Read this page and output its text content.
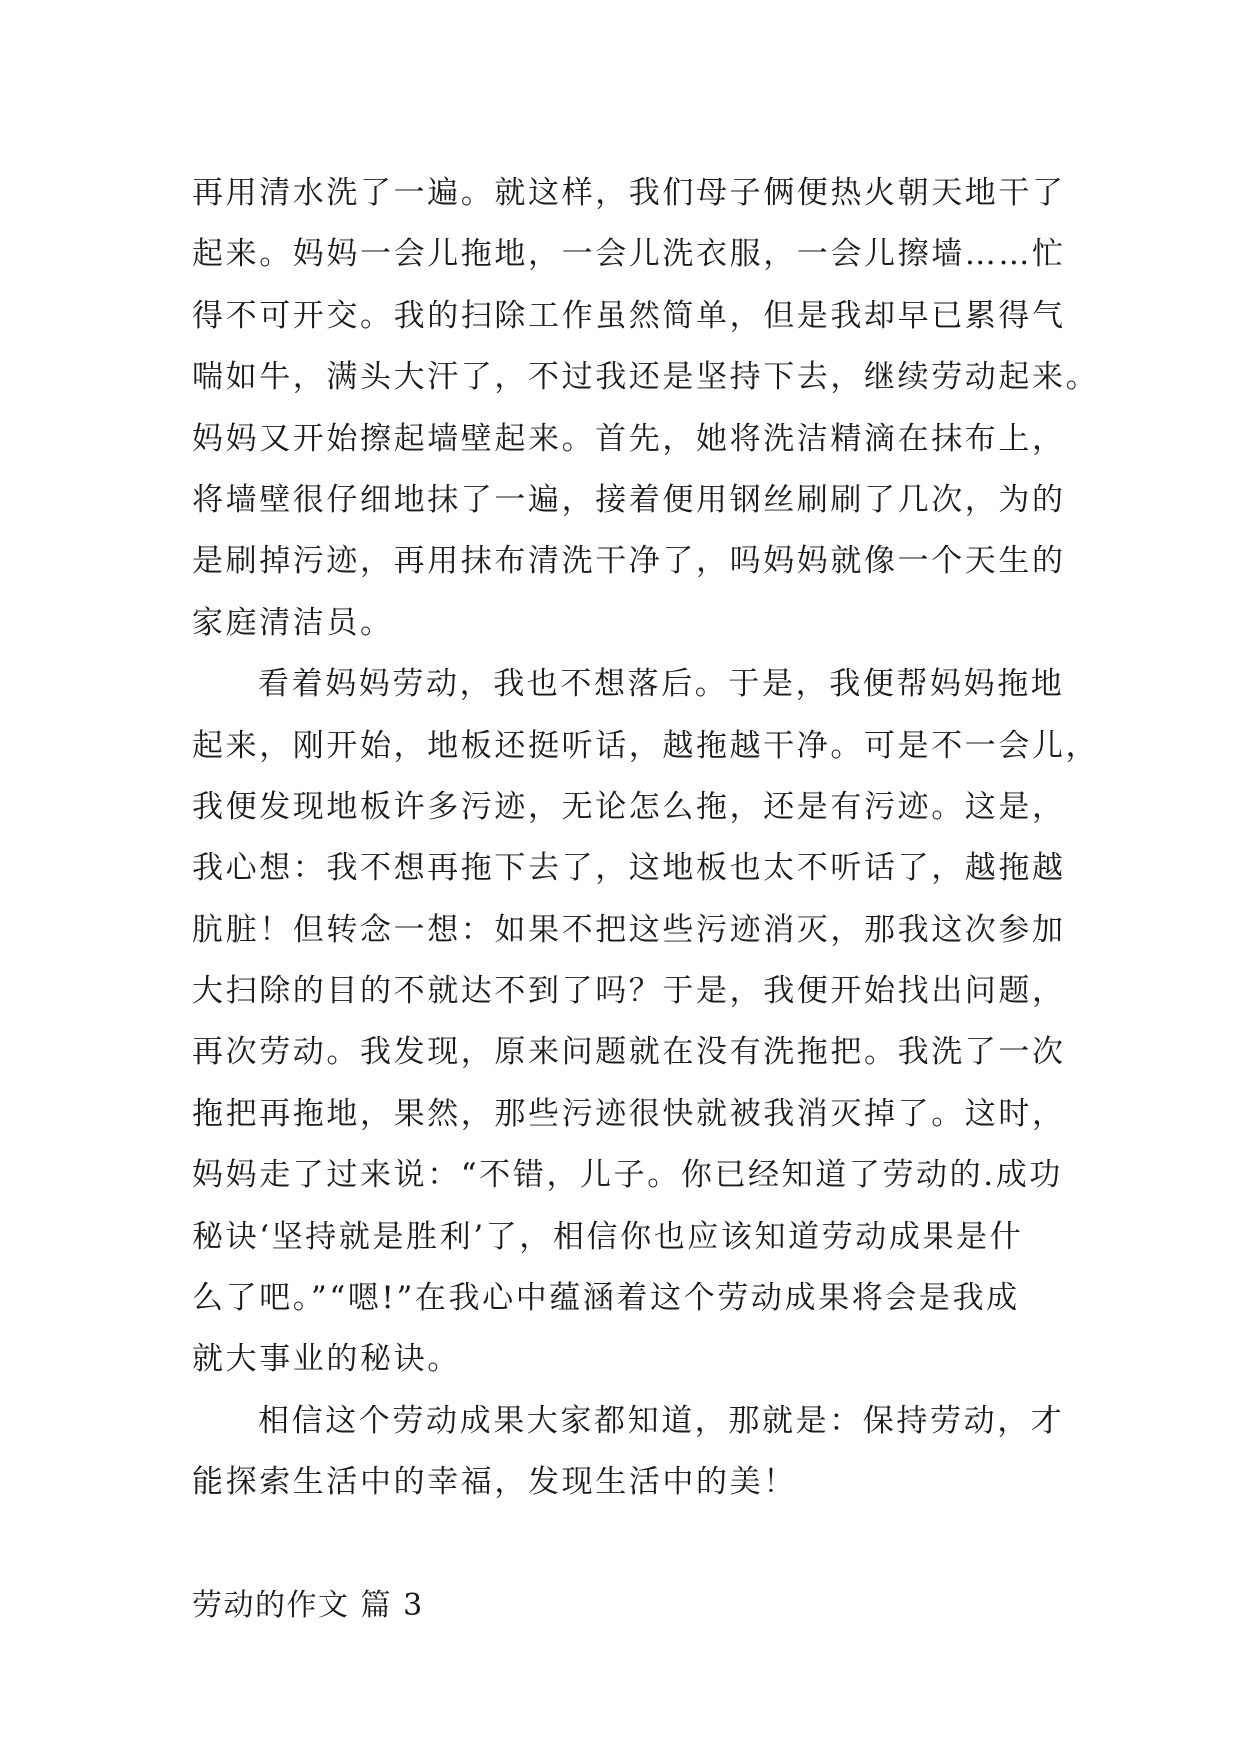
再用清水洗了一遍。就这样，我们母子俩便热火朝天地干了
起来。妈妈一会儿拖地，一会儿洗衣服，一会儿擦墙……忙
得不可开交。我的扫除工作虽然简单，但是我却早已累得气
喘如牛，满头大汗了，不过我还是坚持下去，继续劳动起来。
妈妈又开始擦起墙壁起来。首先，她将洗洁精滴在抹布上，
将墙壁很仔细地抹了一遍，接着便用钢丝刷刷了几次，为的
是刷掉污迹，再用抹布清洗干净了，吗妈妈就像一个天生的
家庭清洁员。
看着妈妈劳动，我也不想落后。于是，我便帮妈妈拖地
起来，刚开始，地板还挺听话，越拖越干净。可是不一会儿，
我便发现地板许多污迹，无论怎么拖，还是有污迹。这是，
我心想：我不想再拖下去了，这地板也太不听话了，越拖越
肮脏！但转念一想：如果不把这些污迹消灭，那我这次参加
大扫除的目的不就达不到了吗？于是，我便开始找出问题，
再次劳动。我发现，原来问题就在没有洗拖把。我洗了一次
拖把再拖地，果然，那些污迹很快就被我消灭掉了。这时，
妈妈走了过来说：“不错，儿子。你已经知道了劳动的.成功
秘诀‘坚持就是胜利’了，相信你也应该知道劳动成果是什
么了吧。”“嗯!”在我心中蕴涵着这个劳动成果将会是我成
就大事业的秘诀。
相信这个劳动成果大家都知道，那就是：保持劳动，才
能探索生活中的幸福，发现生活中的美！
劳动的作文 篇 3
